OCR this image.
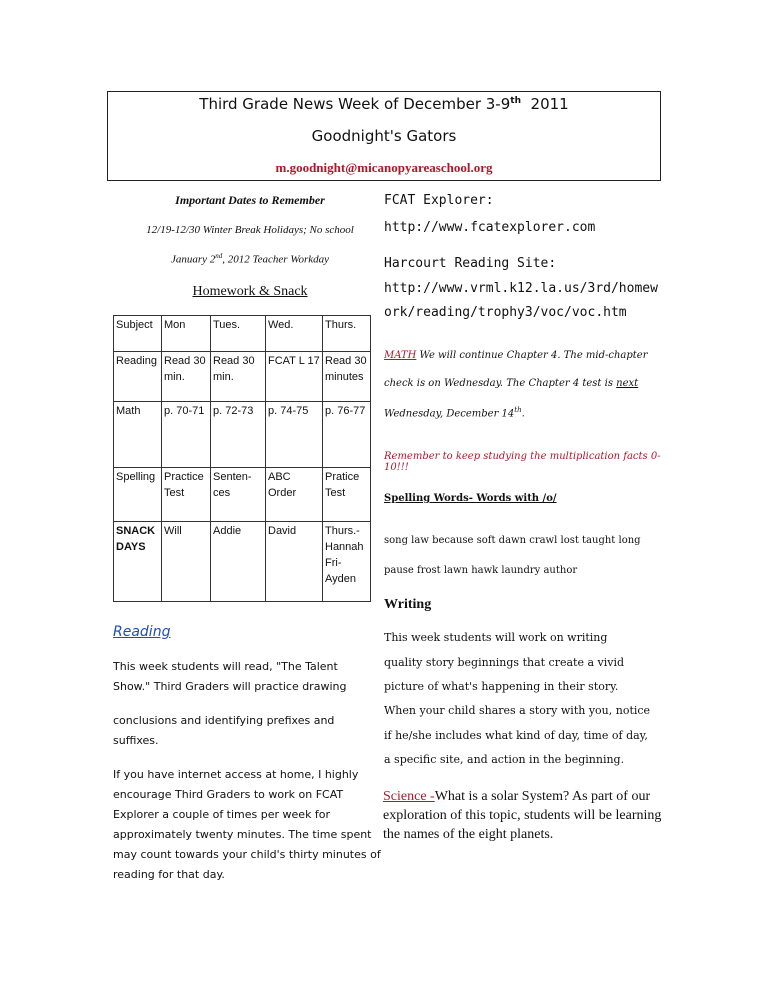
Third Grade News Week of December 3-9th 2011
Goodnight's Gators
m.goodnight@micanopyareaschool.org
Important Dates to Remember
12/19-12/30 Winter Break Holidays; No school
January 2nd, 2012 Teacher Workday
Homework & Snack
Subject	Mon	Tues.	Wed.	Thurs.
Reading	Read 30 min.	Read 30 min.	FCAT L 17	Read 30 minutes
Math	p. 70-71	p. 72-73	p. 74-75	p. 76-77
Spelling	Practice Test	Senten-ces	ABC Order	Pratice Test
SNACK DAYS	Will	Addie	David	Thurs.- Hannah Fri-Ayden
Reading
This week students will read, "The Talent Show." Third Graders will practice drawing
conclusions and identifying prefixes and suffixes.
If you have internet access at home, I highly encourage Third Graders to work on FCAT Explorer a couple of times per week for approximately twenty minutes. The time spent may count towards your child's thirty minutes of reading for that day.
FCAT Explorer:
http://www.fcatexplorer.com
Harcourt Reading Site:
http://www.vrml.k12.la.us/3rd/homew
ork/reading/trophy3/voc/voc.htm
MATH We will continue Chapter 4. The mid-chapter
check is on Wednesday. The Chapter 4 test is next
Wednesday, December 14th.
Remember to keep studying the multiplication facts 0-10!!!
Spelling Words- Words with /o/
song law because soft dawn crawl lost taught long
pause frost lawn hawk laundry author
Writing
This week students will work on writing
quality story beginnings that create a vivid
picture of what's happening in their story.
When your child shares a story with you, notice
if he/she includes what kind of day, time of day,
a specific site, and action in the beginning.
Science -What is a solar System? As part of our exploration of this topic, students will be learning the names of the eight planets.
